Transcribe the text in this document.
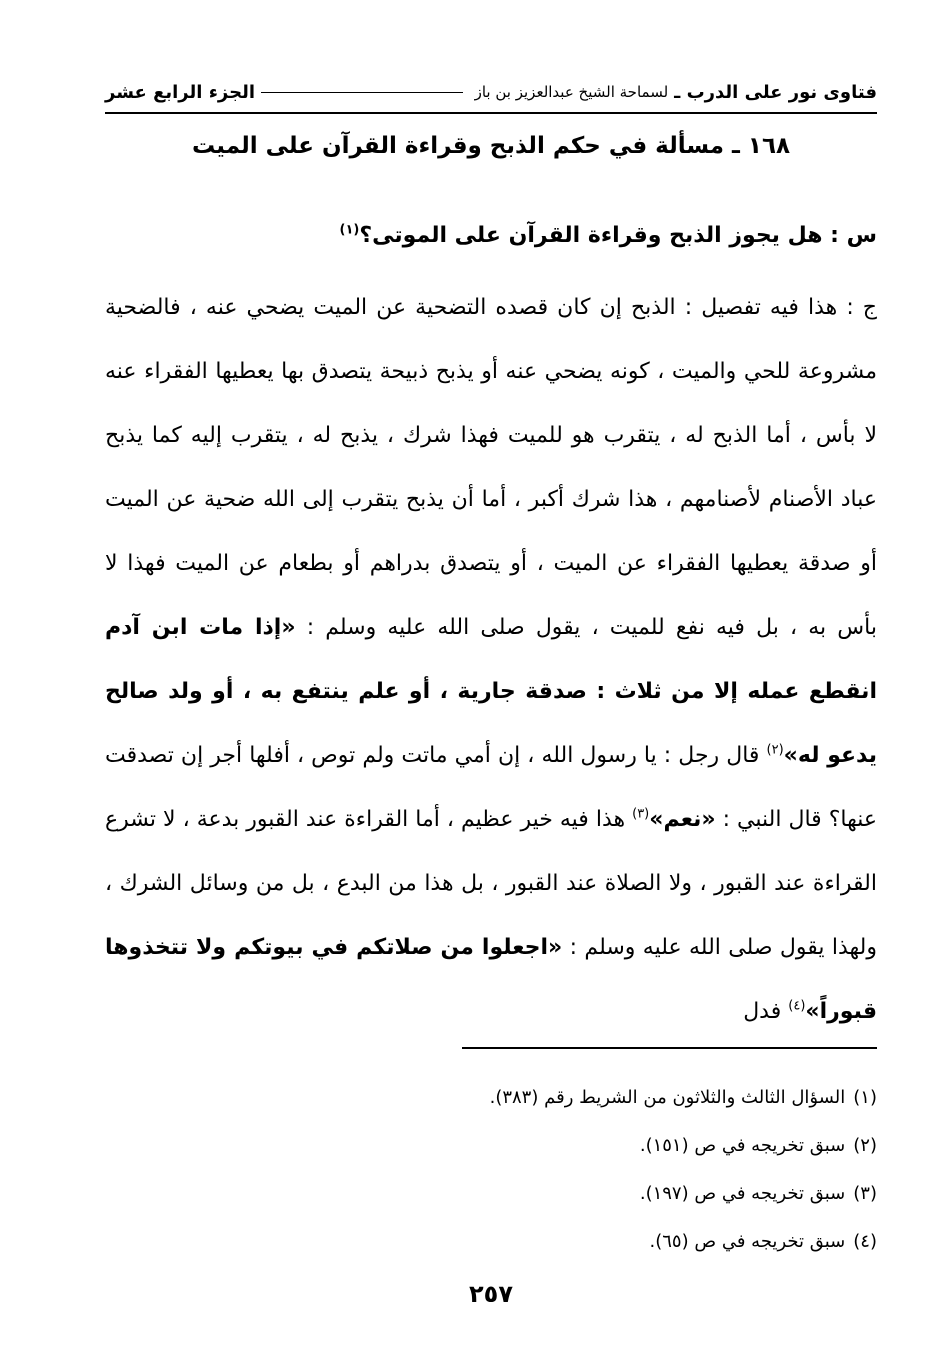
فتاوى نور على الدرب ـ
لسماحة الشيخ عبدالعزيز بن باز
الجزء الرابع عشر
١٦٨ ـ مسألة في حكم الذبح وقراءة القرآن على الميت

س : هل يجوز الذبح وقراءة القرآن على الموتى؟$^{(١)}$

ج : هذا فيه تفصيل : الذبح إن كان قصده التضحية عن الميت يضحي عنه ، فالضحية مشروعة للحي والميت ، كونه يضحي عنه أو يذبح ذبيحة يتصدق بها يعطيها الفقراء عنه لا بأس ، أما الذبح له ، يتقرب هو للميت فهذا شرك ، يذبح له ، يتقرب إليه كما يذبح عباد الأصنام لأصنامهم ، هذا شرك أكبر ، أما أن يذبح يتقرب إلى الله ضحية عن الميت أو صدقة يعطيها الفقراء عن الميت ، أو يتصدق بدراهم أو بطعام عن الميت فهذا لا بأس به ، بل فيه نفع للميت ، يقول صلى الله عليه وسلم : «إذا مات ابن آدم انقطع عمله إلا من ثلاث : صدقة جارية ، أو علم ينتفع به ، أو ولد صالح يدعو له»$^{(٢)}$ قال رجل : يا رسول الله ، إن أمي ماتت ولم توص ، أفلها أجر إن تصدقت عنها؟ قال النبي : «نعم»$^{(٣)}$ هذا فيه خير عظيم ، أما القراءة عند القبور بدعة ، لا تشرع القراءة عند القبور ، ولا الصلاة عند القبور ، بل هذا من البدع ، بل من وسائل الشرك ، ولهذا يقول صلى الله عليه وسلم : «اجعلوا من صلاتكم في بيوتكم ولا تتخذوها قبوراً»$^{(٤)}$ فدل

(١)السؤال الثالث والثلاثون من الشريط رقم (٣٨٣).
(٢)سبق تخريجه في ص (١٥١).
(٣)سبق تخريجه في ص (١٩٧).
(٤)سبق تخريجه في ص (٦٥).
٢٥٧
